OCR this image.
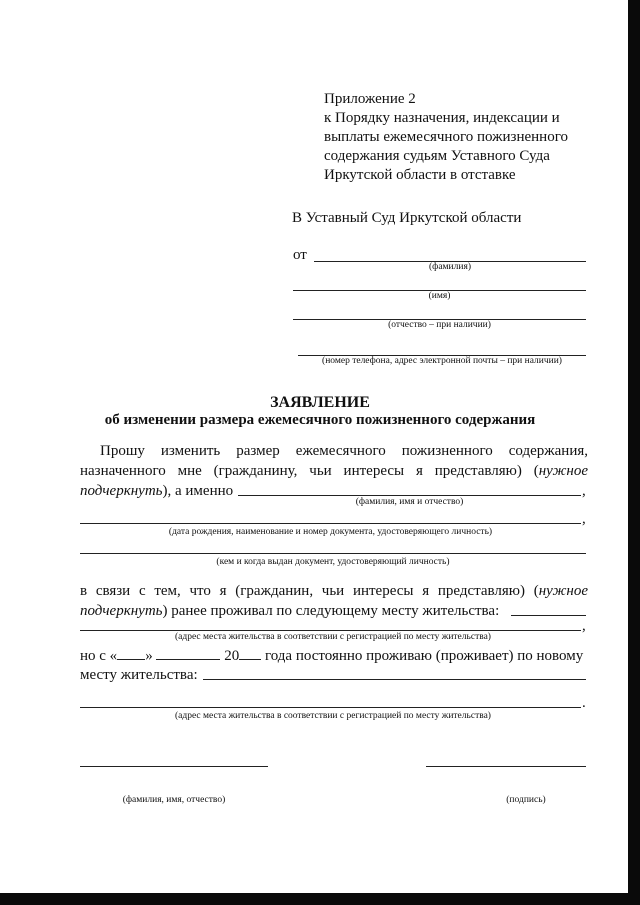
Приложение 2
к Порядку назначения, индексации и
выплаты ежемесячного пожизненного
содержания судьям Уставного Суда
Иркутской области в отставке
В Уставный Суд Иркутской области
от
(фамилия)
(имя)
(отчество – при наличии)
(номер телефона, адрес электронной почты – при наличии)
ЗАЯВЛЕНИЕ
об изменении размера ежемесячного пожизненного содержания
Прошу изменить размер ежемесячного пожизненного содержания,
назначенного мне (гражданину, чьи интересы я представляю) (нужное
подчеркнуть), а именно	,
(фамилия, имя и отчество)
,
(дата рождения, наименование и номер документа, удостоверяющего личность)
(кем и когда выдан документ, удостоверяющий личность)
в связи с тем, что я (гражданин, чьи интересы я представляю) (нужное
подчеркнуть) ранее проживал по следующему месту жительства:
,
(адрес места жительства в соответствии с регистрацией по месту жительства)
но с « »	20 года постоянно проживаю (проживает) по новому
месту жительства:
.
(адрес места жительства в соответствии с регистрацией по месту жительства)
(фамилия, имя, отчество)	(подпись)
